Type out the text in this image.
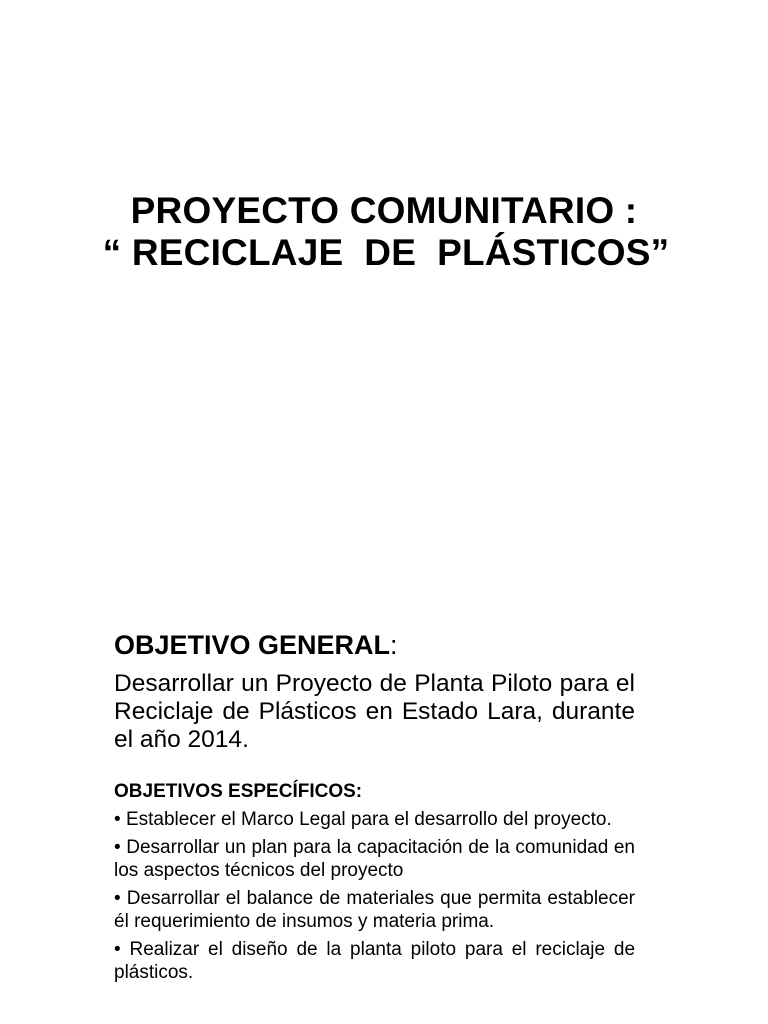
PROYECTO COMUNITARIO :
“ RECICLAJE  DE  PLÁSTICOS”

OBJETIVO GENERAL:

Desarrollar un Proyecto de Planta Piloto para el Reciclaje de Plásticos en Estado Lara, durante el año 2014.

OBJETIVOS ESPECÍFICOS:

• Establecer el Marco Legal para el desarrollo del proyecto.
• Desarrollar un plan para la capacitación de la comunidad en los aspectos técnicos del proyecto
• Desarrollar el balance de materiales que permita establecer él requerimiento de insumos y materia prima.
• Realizar el diseño de la planta piloto para el reciclaje de plásticos.
